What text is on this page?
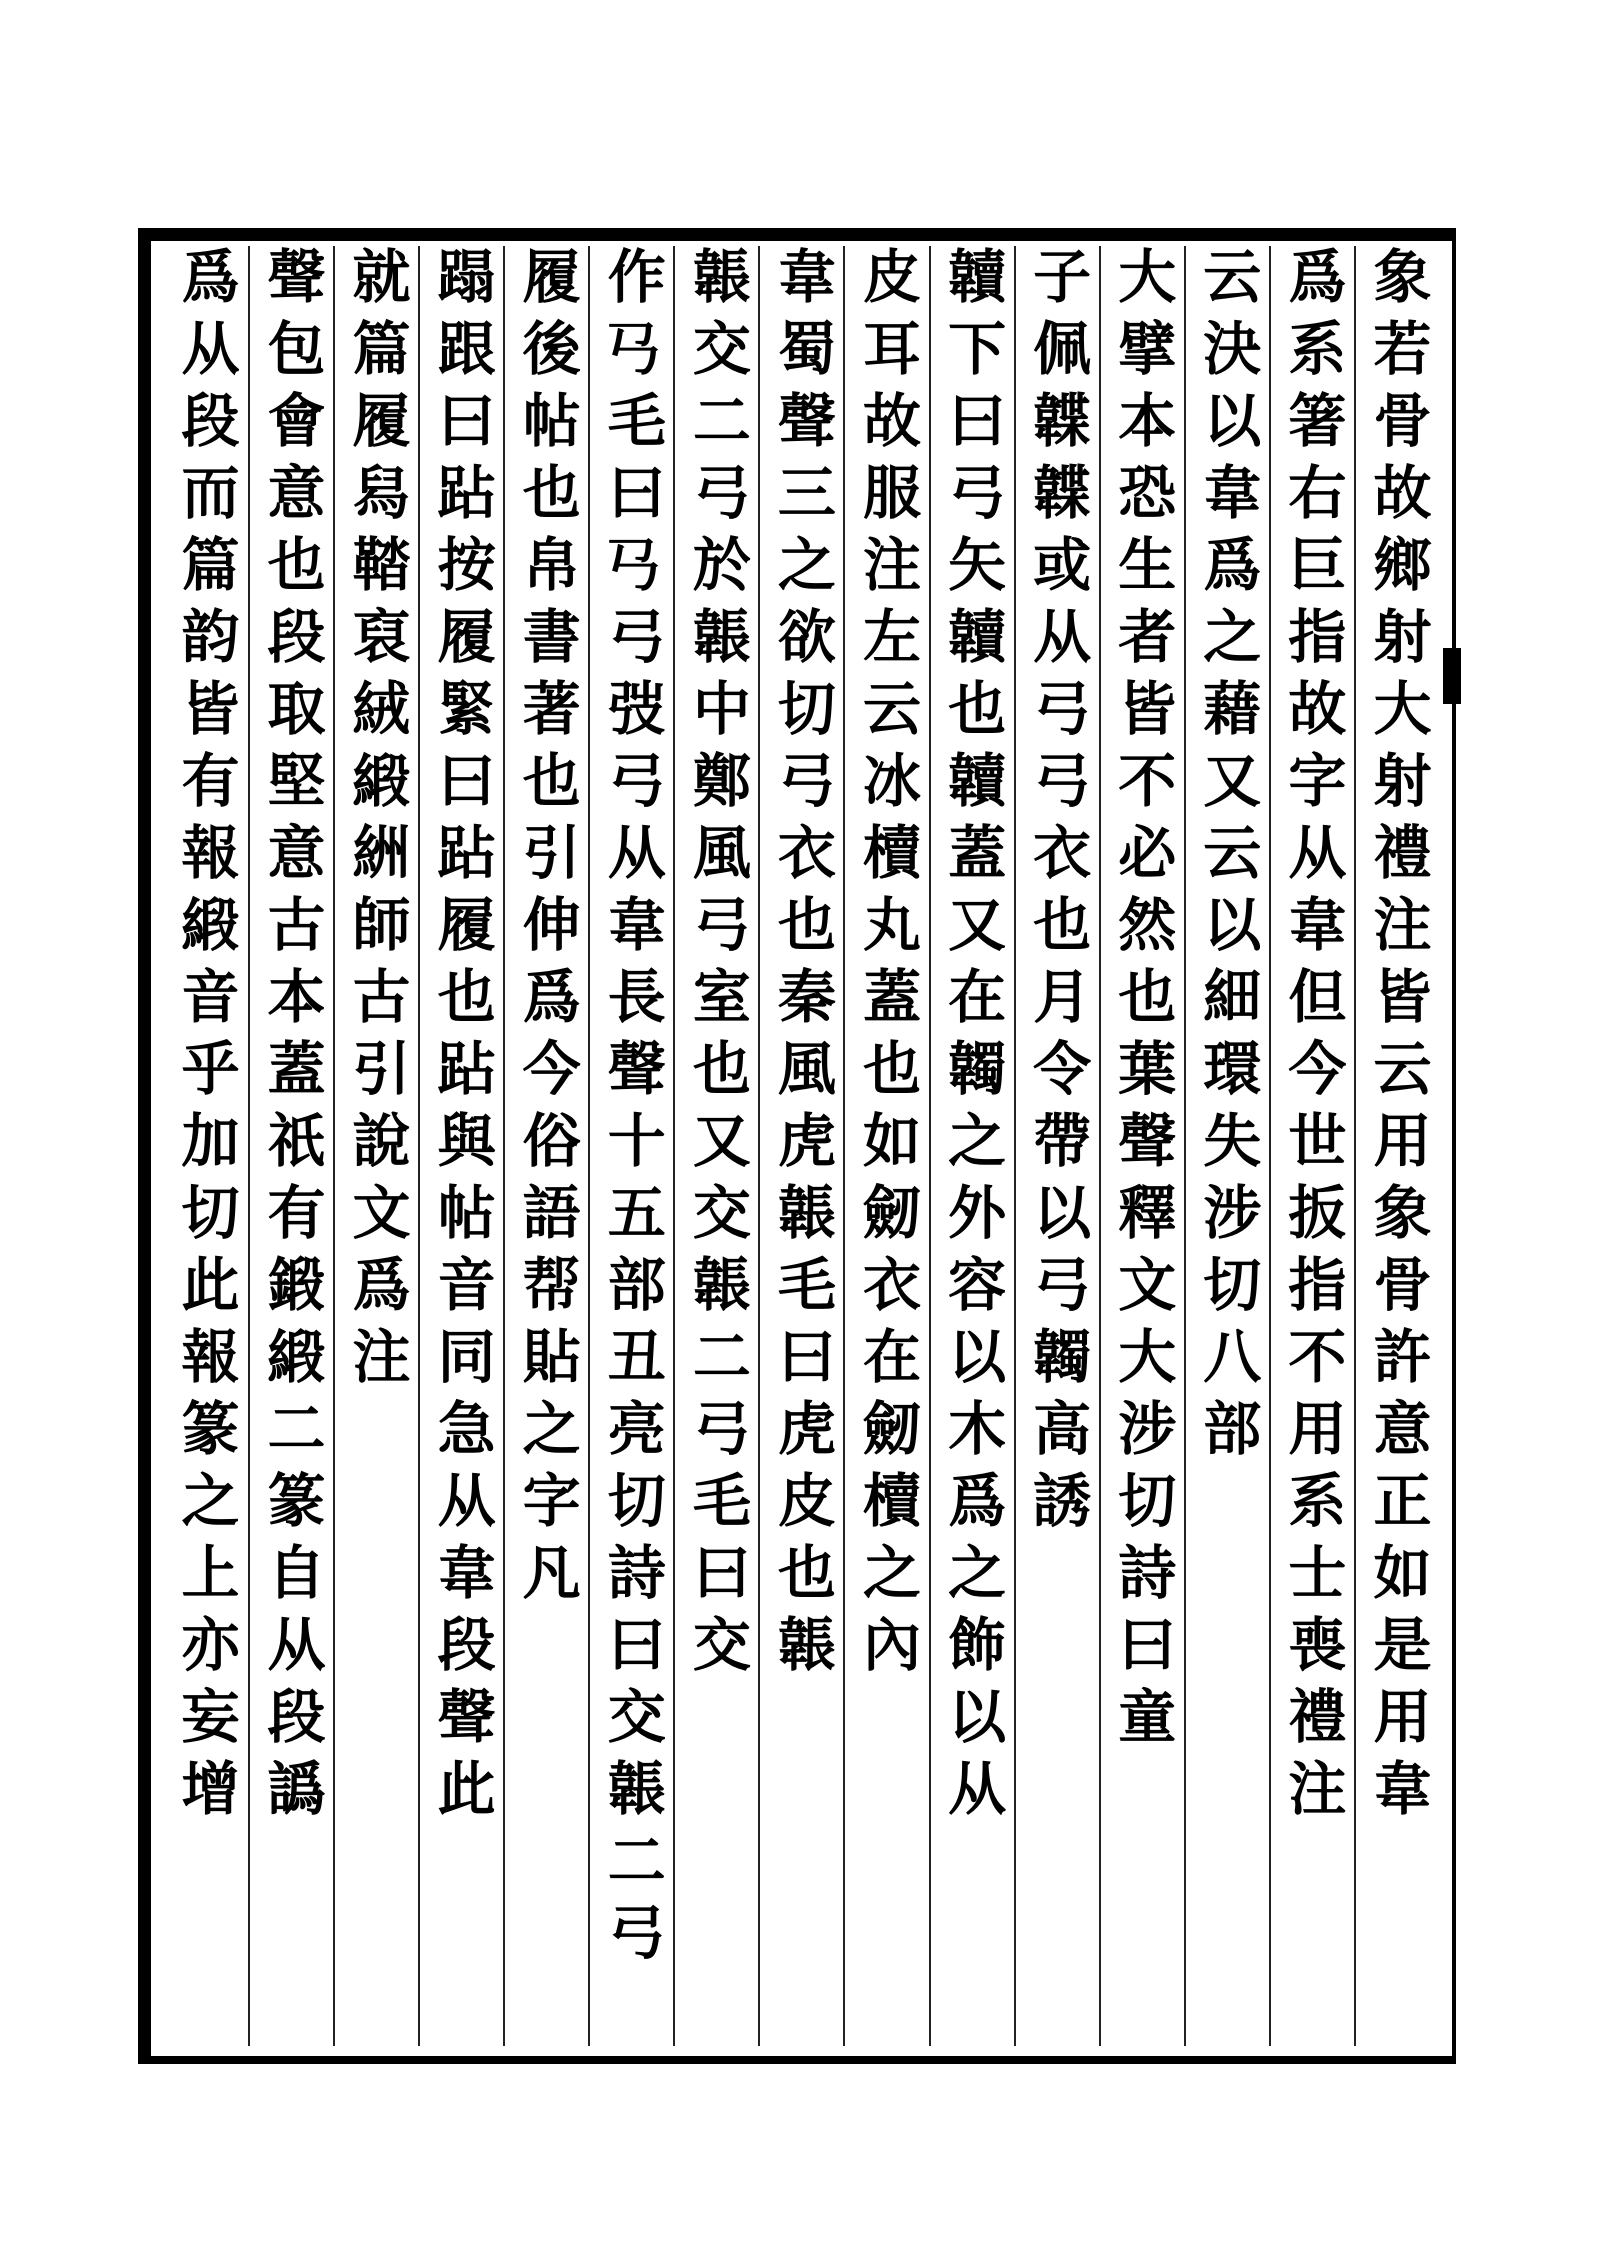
象若骨故鄉射大射禮注皆云用象骨許意正如是用韋
爲系箸右巨指故字从韋但今世扳指不用系士喪禮注
云決以韋爲之藉又云以細環失涉切八部
大擘本恐生者皆不必然也葉聲釋文大涉切詩曰童
子佩韘韘或从弓弓衣也月令帶以弓韣高誘
韥下曰弓矢韥也韥蓋又在韣之外容以木爲之飾以从
皮耳故服注左云冰櫝丸蓋也如劒衣在劒櫝之內
韋蜀聲三之欲切弓衣也秦風虎韔毛曰虎皮也韔
韔交二弓於韔中鄭風弓室也又交韔二弓毛曰交
作𢎘毛曰𢎘弓弢弓从韋長聲十五部丑亮切詩曰交韔二弓
履後帖也帛書著也引伸爲今俗語帮貼之字凡
蹋跟曰跕按履緊曰跕履也跕與帖音同急从韋段聲此
就篇履舄鞜裒絨緞絒師古引說文爲注
聲包會意也段取堅意古本蓋祇有鍛緞二篆自从段譌
爲从段而篇韵皆有報緞音乎加切此報篆之上亦妄增
